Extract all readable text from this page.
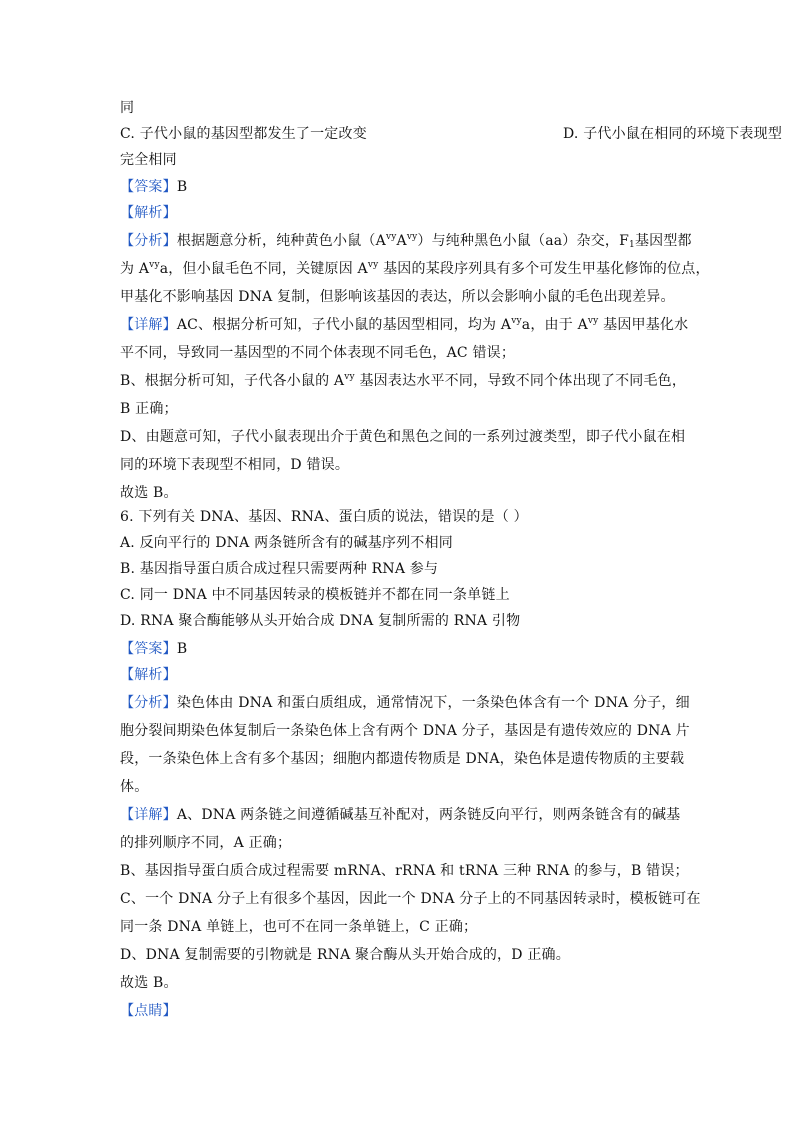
同
C. 子代小鼠的基因型都发生了一定改变	D. 子代小鼠在相同的环境下表现型
完全相同
【答案】B
【解析】
【分析】根据题意分析，纯种黄色小鼠$(A^{vy}A^{vy})$与纯种黑色小鼠（aa）杂交，$F_1$基因型都
为 $A^{vy}a$，但小鼠毛色不同，关键原因 $A^{vy}$ 基因的某段序列具有多个可发生甲基化修饰的位点，
甲基化不影响基因 DNA 复制，但影响该基因的表达，所以会影响小鼠的毛色出现差异。
【详解】AC、根据分析可知，子代小鼠的基因型相同，均为 $A^{vy}a$，由于 $A^{vy}$ 基因甲基化水
平不同，导致同一基因型的不同个体表现不同毛色，AC 错误；
B、根据分析可知，子代各小鼠的 $A^{vy}$ 基因表达水平不同，导致不同个体出现了不同毛色，
B 正确；
D、由题意可知，子代小鼠表现出介于黄色和黑色之间的一系列过渡类型，即子代小鼠在相
同的环境下表现型不相同，D 错误。
故选 B。
6. 下列有关 DNA、基因、RNA、蛋白质的说法，错误的是（ ）
A. 反向平行的 DNA 两条链所含有的碱基序列不相同
B. 基因指导蛋白质合成过程只需要两种 RNA 参与
C. 同一 DNA 中不同基因转录的模板链并不都在同一条单链上
D. RNA 聚合酶能够从头开始合成 DNA 复制所需的 RNA 引物
【答案】B
【解析】
【分析】染色体由 DNA 和蛋白质组成，通常情况下，一条染色体含有一个 DNA 分子，细
胞分裂间期染色体复制后一条染色体上含有两个 DNA 分子，基因是有遗传效应的 DNA 片
段，一条染色体上含有多个基因；细胞内都遗传物质是 DNA，染色体是遗传物质的主要载
体。
【详解】A、DNA 两条链之间遵循碱基互补配对，两条链反向平行，则两条链含有的碱基
的排列顺序不同，A 正确；
B、基因指导蛋白质合成过程需要 mRNA、rRNA 和 tRNA 三种 RNA 的参与，B 错误；
C、一个 DNA 分子上有很多个基因，因此一个 DNA 分子上的不同基因转录时，模板链可在
同一条 DNA 单链上，也可不在同一条单链上，C 正确；
D、DNA 复制需要的引物就是 RNA 聚合酶从头开始合成的，D 正确。
故选 B。
【点睛】
